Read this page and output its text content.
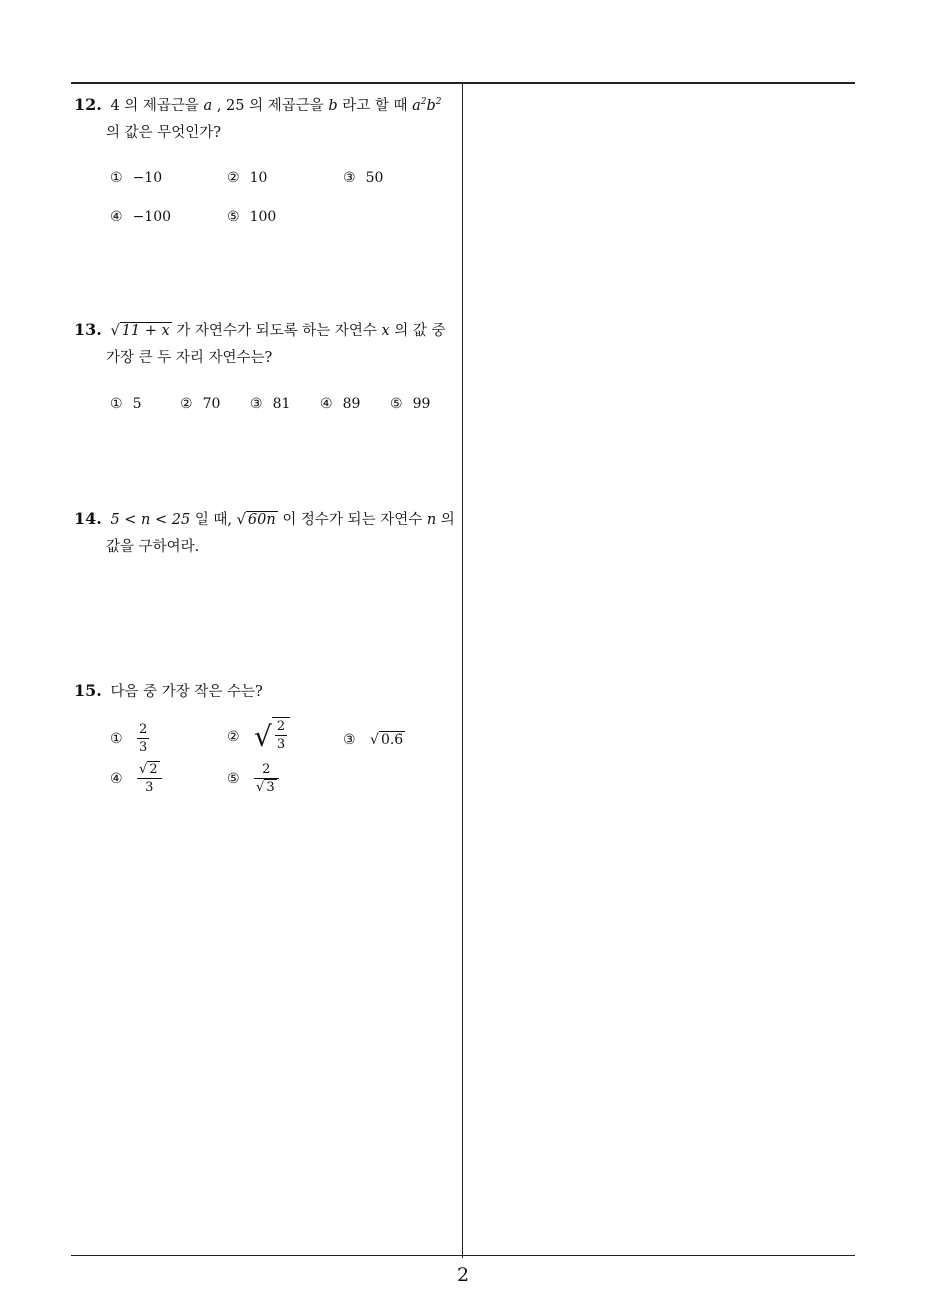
12. 4 의 제곱근을 a , 25 의 제곱근을 b 라고 할 때 $a^2b^2$
의 값은 무엇인가?
① −10	② 10	③ 50
④ −100	⑤ 100
13. √ 11 + x 가 자연수가 되도록 하는 자연수 x 의 값 중
가장 큰 두 자리 자연수는?
① 5	② 70 ③ 81 ④ 89 ⑤ 99
14. 5 < n < 25 일 때, √ 60n 이 정수가 되는 자연수 n 의
값을 구하여라.
15. 다음 중 가장 작은 수는?
① $\frac{2}{3}$	② √ $\frac{2}{3}$	③ √ 0.6̇
④ $\frac{√ 2}{3}$	⑤ $\frac{2}{√ 3}$
2
